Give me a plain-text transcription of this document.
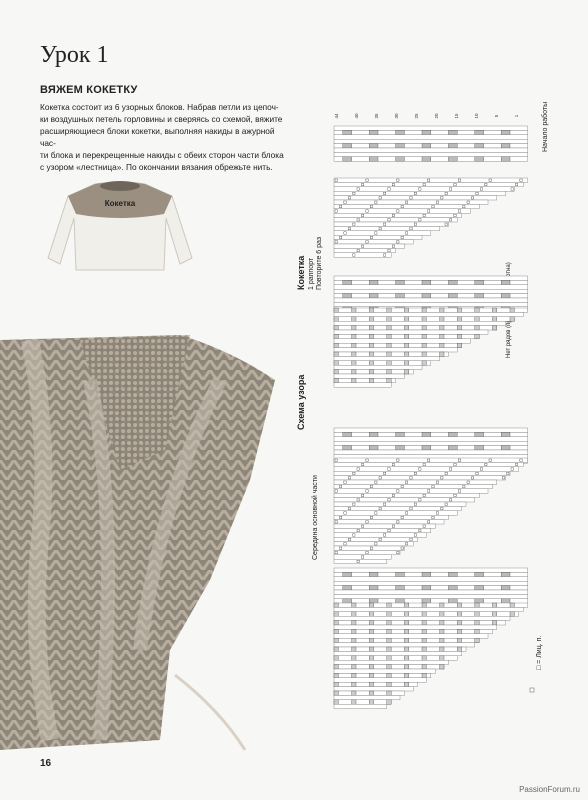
Урок 1
ВЯЖЕМ КОКЕТКУ
Кокетка состоит из 6 узорных блоков. Набрав петли из цепоч-
ки воздушных петель горловины и сверяясь со схемой, вяжите
расширяющиеся блоки кокетки, выполняя накиды в ажурной час-
ти блока и перекрещенные накиды с обеих сторон части блока
с узором «лестница». По окончании вязания обрежьте нить.
Кокетка
Кокетка 1 раппорт Повторите 6 раз
Схема узора
Середина основной части
Начало работы
□ = Лиц. п.
44	40	35	30	25	20	15	10	5	1
16
PassionForum.ru
